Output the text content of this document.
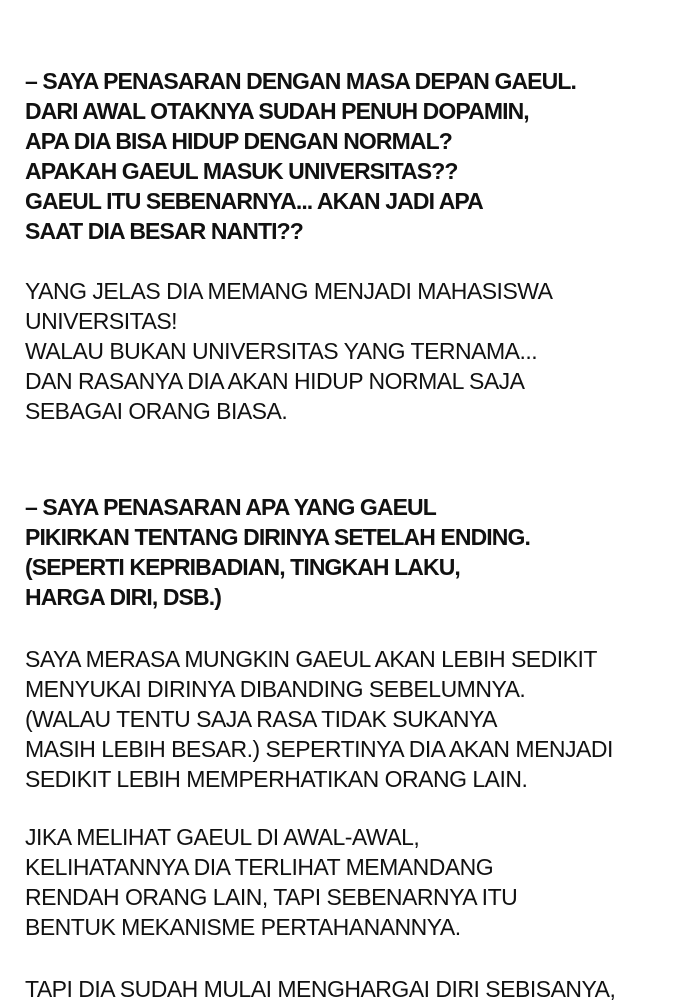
– SAYA PENASARAN DENGAN MASA DEPAN GAEUL.
DARI AWAL OTAKNYA SUDAH PENUH DOPAMIN,
APA DIA BISA HIDUP DENGAN NORMAL?
APAKAH GAEUL MASUK UNIVERSITAS??
GAEUL ITU SEBENARNYA... AKAN JADI APA
SAAT DIA BESAR NANTI??
YANG JELAS DIA MEMANG MENJADI MAHASISWA
UNIVERSITAS!
WALAU BUKAN UNIVERSITAS YANG TERNAMA...
DAN RASANYA DIA AKAN HIDUP NORMAL SAJA
SEBAGAI ORANG BIASA.
– SAYA PENASARAN APA YANG GAEUL
PIKIRKAN TENTANG DIRINYA SETELAH ENDING.
(SEPERTI KEPRIBADIAN, TINGKAH LAKU,
HARGA DIRI, DSB.)
SAYA MERASA MUNGKIN GAEUL AKAN LEBIH SEDIKIT
MENYUKAI DIRINYA DIBANDING SEBELUMNYA.
(WALAU TENTU SAJA RASA TIDAK SUKANYA
MASIH LEBIH BESAR.) SEPERTINYA DIA AKAN MENJADI
SEDIKIT LEBIH MEMPERHATIKAN ORANG LAIN.
JIKA MELIHAT GAEUL DI AWAL-AWAL,
KELIHATANNYA DIA TERLIHAT MEMANDANG
RENDAH ORANG LAIN, TAPI SEBENARNYA ITU
BENTUK MEKANISME PERTAHANANNYA.
TAPI DIA SUDAH MULAI MENGHARGAI DIRI SEBISANYA,
